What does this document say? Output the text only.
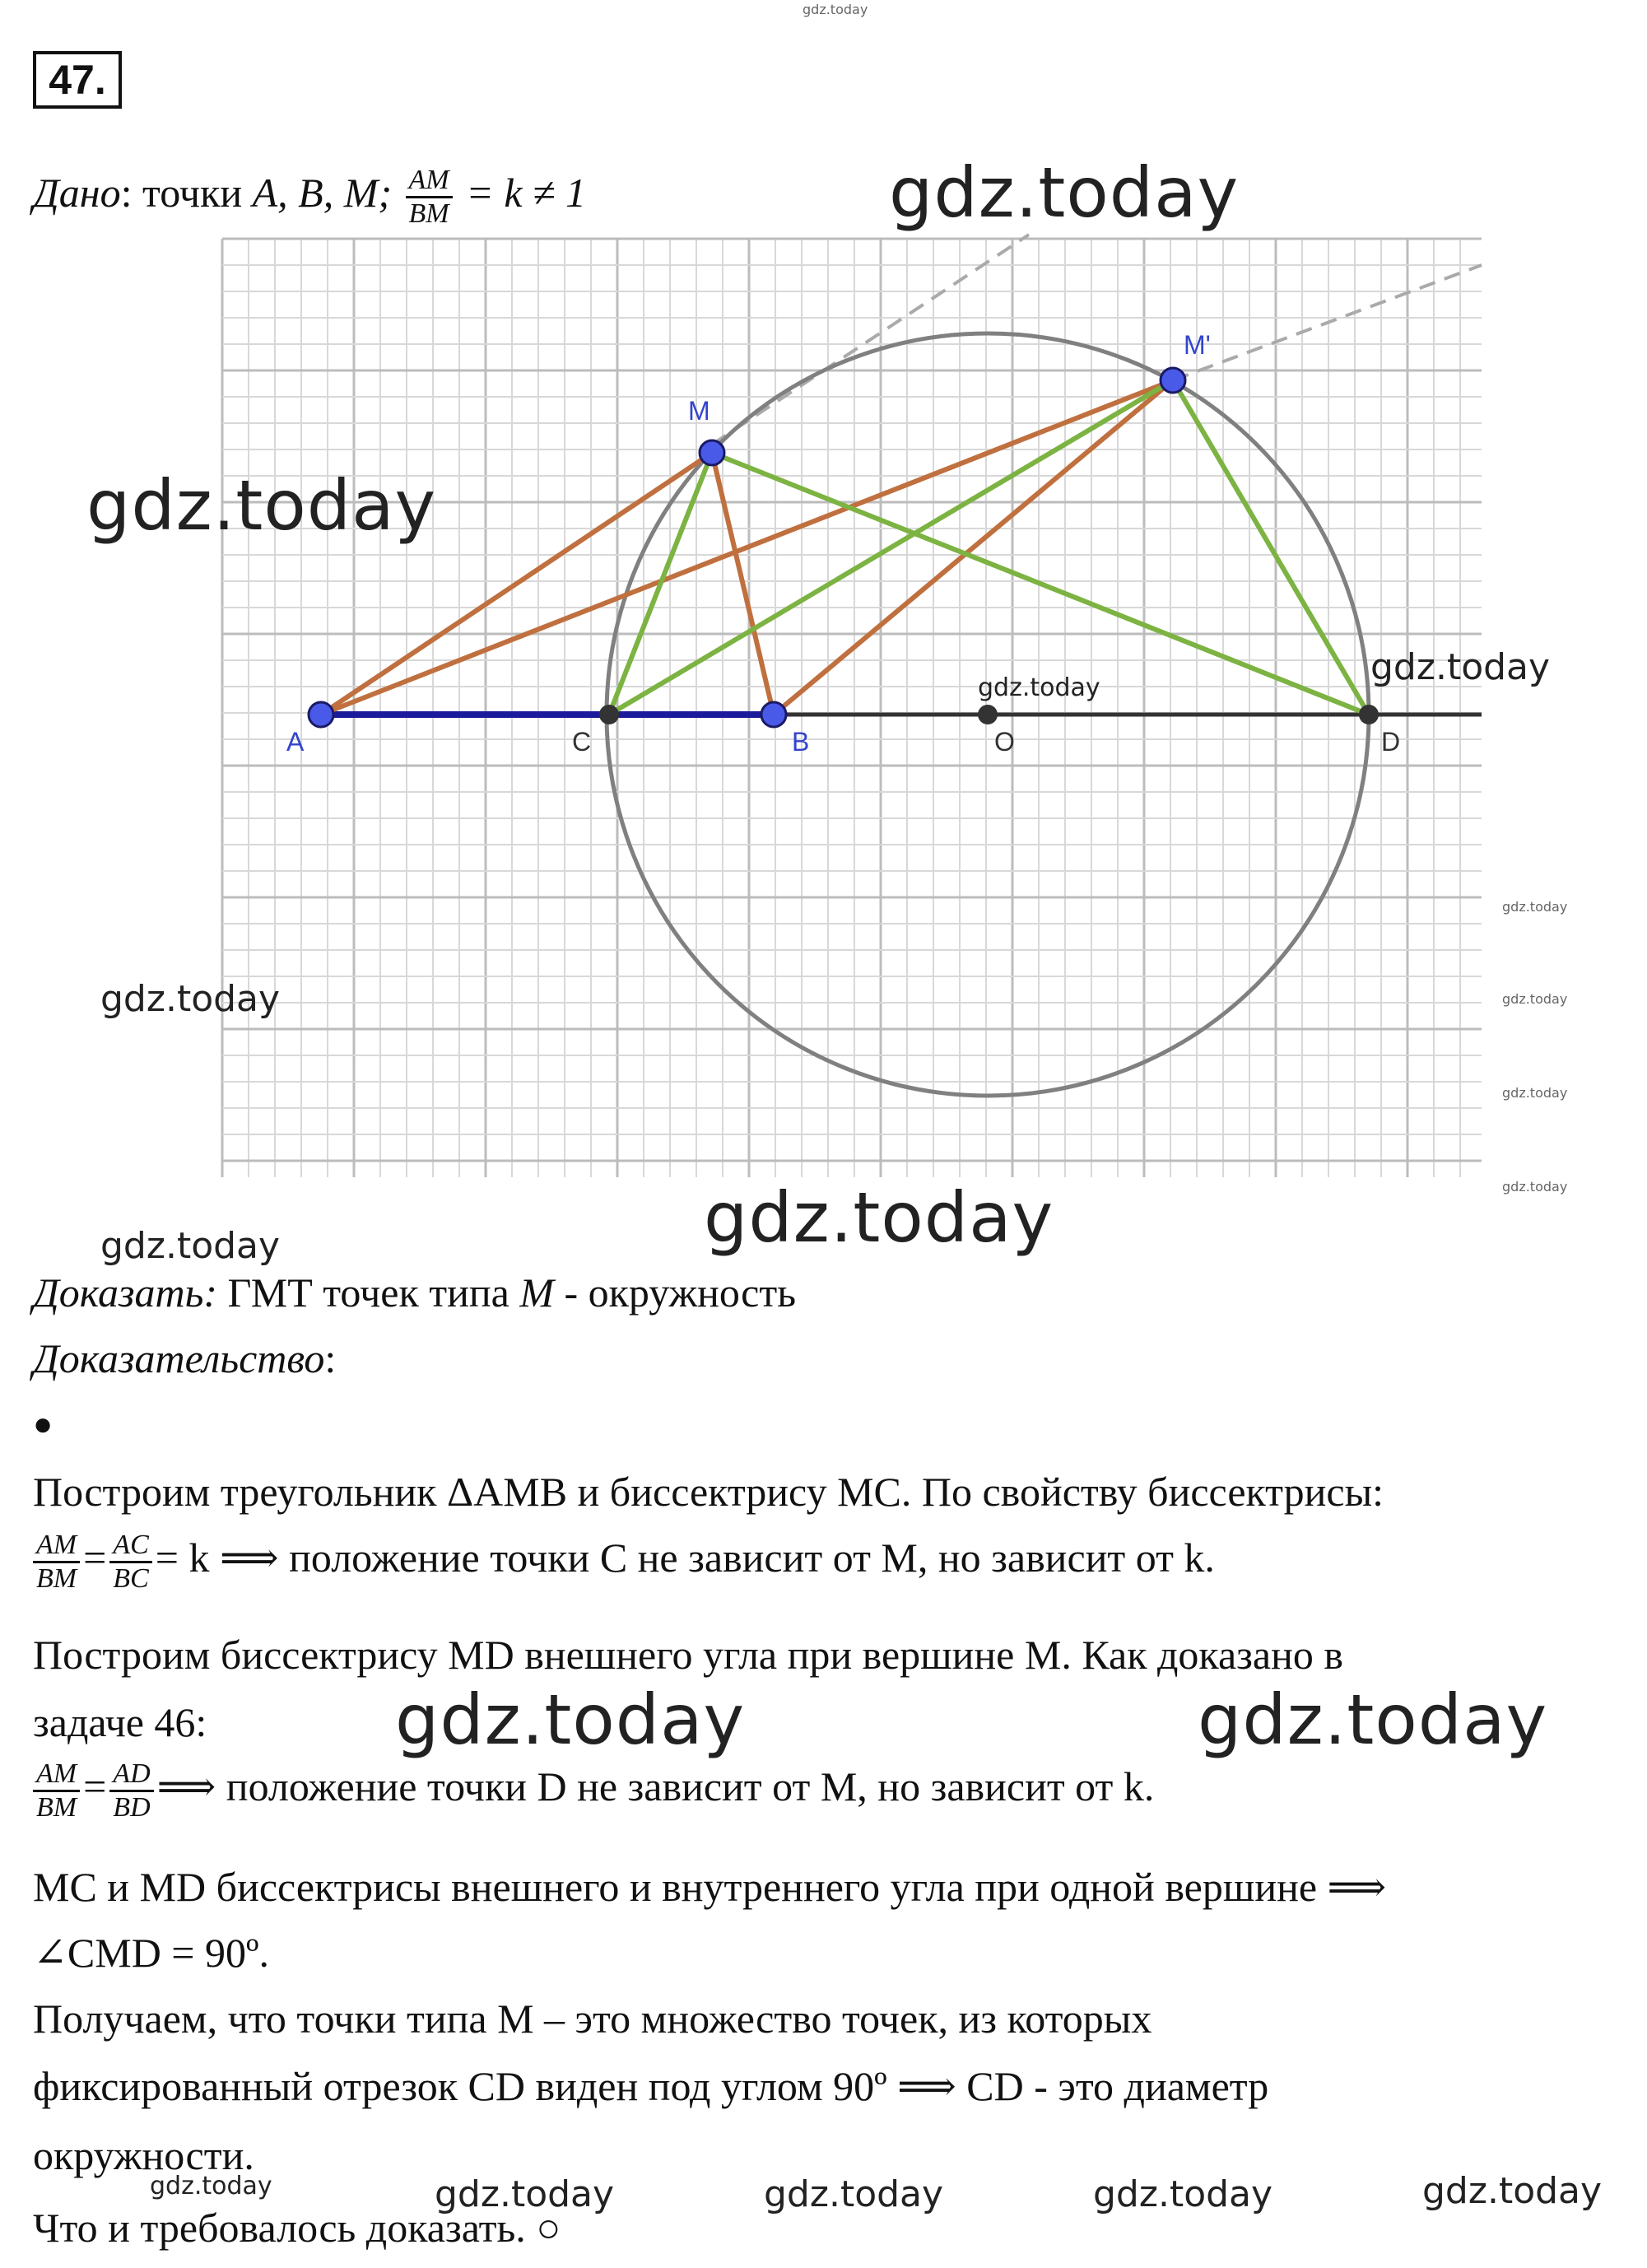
47.
Дано: точки A, B, M; $\frac{AM}{BM} = k \ne 1$
A	B
M
M'
C	O	D
gdz.today
gdz.today
gdz.today
gdz.today
gdz.today
gdz.today
gdz.today
gdz.today
gdz.today
gdz.today
gdz.today
gdz.today
gdz.today	gdz.today
gdz.today	gdz.today	gdz.today	gdz.today	gdz.today
Доказать: ГМТ точек типа M - окружность
Доказательство:
●
Построим треугольник ΔAMB и биссектрису MC. По свойству биссектрисы:
$\frac{AM}{BM} = \frac{AC}{BC} = k$ ⟹ положение точки C не зависит от M, но зависит от k.
Построим биссектрису MD внешнего угла при вершине M. Как доказано в
задаче 46:
$\frac{AM}{BM} = \frac{AD}{BD}$ ⟹ положение точки D не зависит от M, но зависит от k.
MC и MD биссектрисы внешнего и внутреннего угла при одной вершине ⟹
∠CMD = 90º.
Получаем, что точки типа M – это множество точек, из которых
фиксированный отрезок CD виден под углом 90º ⟹ CD - это диаметр
окружности.
Что и требовалось доказать. ○
